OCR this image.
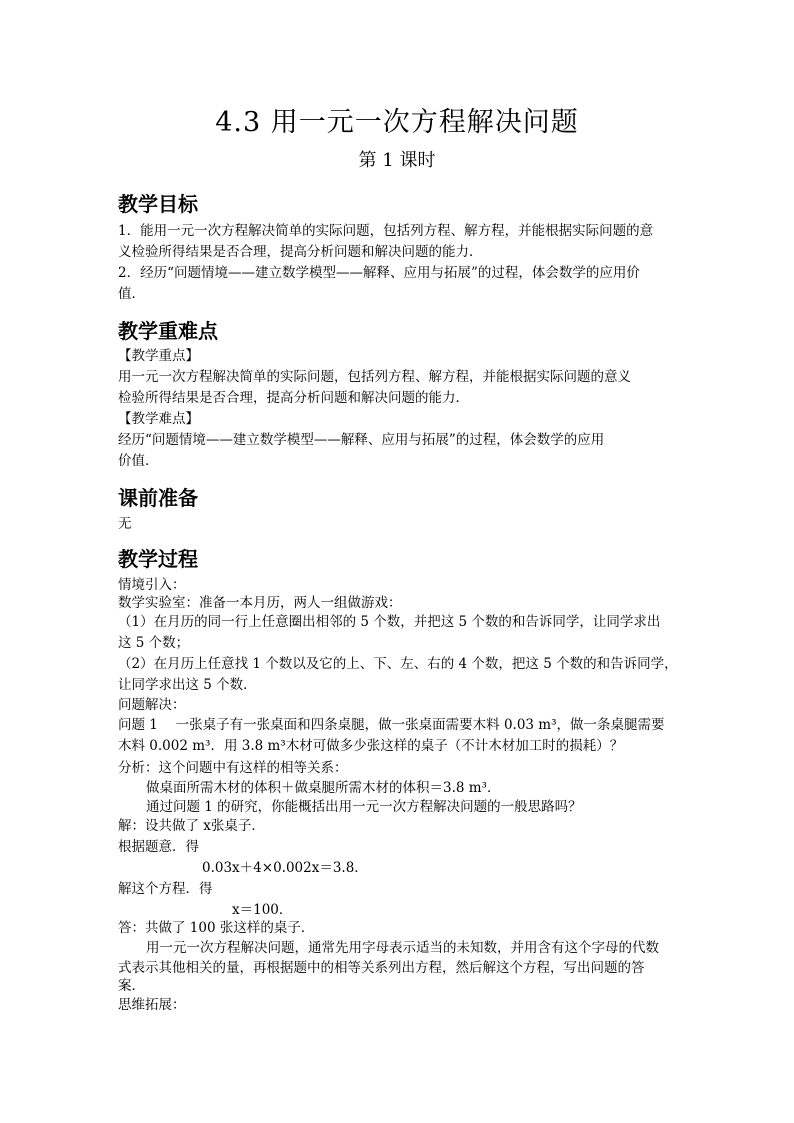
4.3 用一元一次方程解决问题
第 1 课时
教学目标
1．能用一元一次方程解决简单的实际问题，包括列方程、解方程，并能根据实际问题的意
义检验所得结果是否合理，提高分析问题和解决问题的能力．
2．经历“问题情境——建立数学模型——解释、应用与拓展”的过程，体会数学的应用价
值．
教学重难点
【教学重点】
用一元一次方程解决简单的实际问题，包括列方程、解方程，并能根据实际问题的意义
检验所得结果是否合理，提高分析问题和解决问题的能力．
【教学难点】
经历“问题情境——建立数学模型——解释、应用与拓展”的过程，体会数学的应用
价值．
课前准备
无
教学过程
情境引入：
数学实验室：准备一本月历，两人一组做游戏：
（1）在月历的同一行上任意圈出相邻的 5 个数，并把这 5 个数的和告诉同学，让同学求出
这 5 个数；
（2）在月历上任意找 1 个数以及它的上、下、左、右的 4 个数，把这 5 个数的和告诉同学，
让同学求出这 5 个数．
问题解决：
问题 1　 一张桌子有一张桌面和四条桌腿，做一张桌面需要木料 0.03 m³，做一条桌腿需要
木料 0.002 m³．用 3.8 m³木材可做多少张这样的桌子（不计木材加工时的损耗）？
分析：这个问题中有这样的相等关系：
做桌面所需木材的体积＋做桌腿所需木材的体积＝3.8 m³．
通过问题 1 的研究，你能概括出用一元一次方程解决问题的一般思路吗？
解：设共做了 x张桌子．
根据题意．得
0.03x＋4×0.002x＝3.8．
解这个方程．得
x＝100．
答：共做了 100 张这样的桌子．
用一元一次方程解决问题，通常先用字母表示适当的未知数，并用含有这个字母的代数
式表示其他相关的量，再根据题中的相等关系列出方程，然后解这个方程，写出问题的答
案．
思维拓展：
